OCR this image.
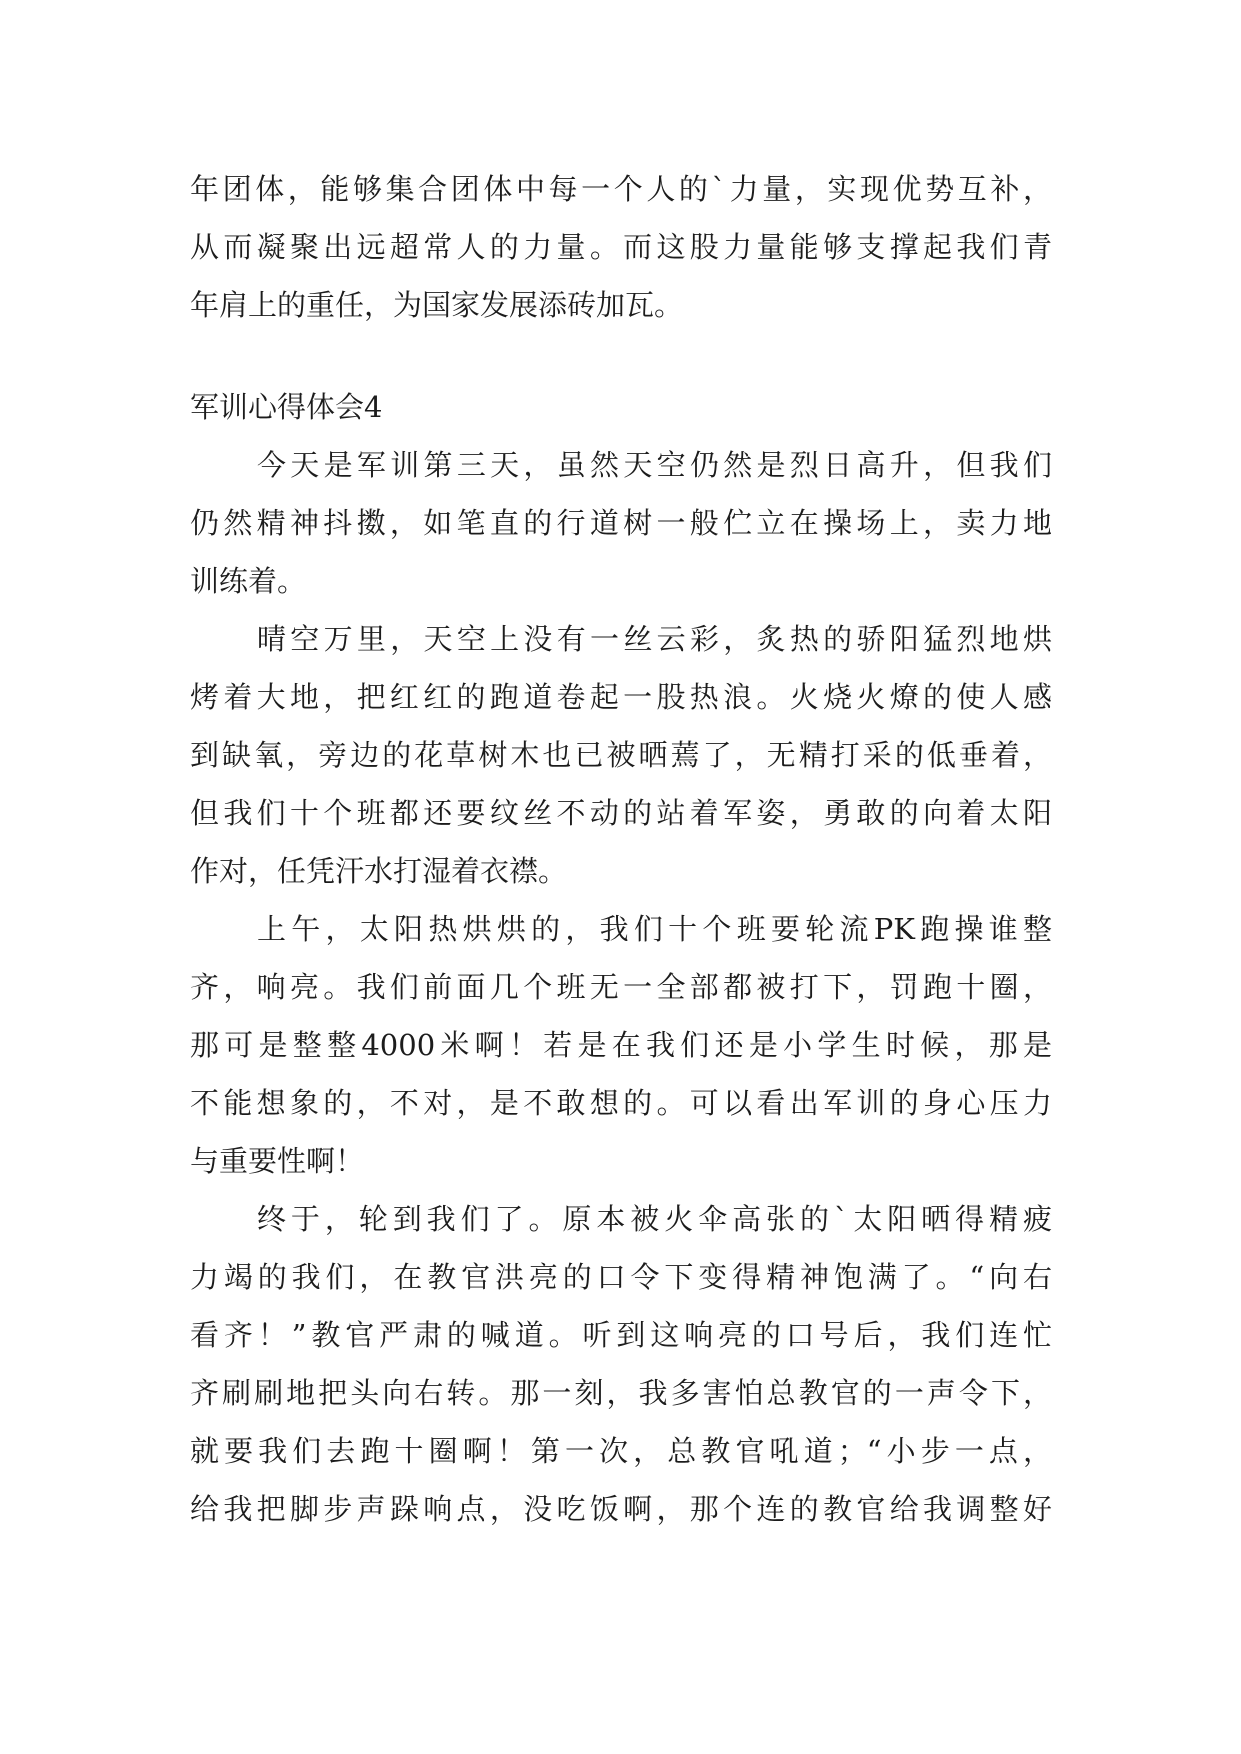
年团体，能够集合团体中每一个人的`力量，实现优势互补，
从而凝聚出远超常人的力量。而这股力量能够支撑起我们青
年肩上的重任，为国家发展添砖加瓦。
军训心得体会4
今天是军训第三天，虽然天空仍然是烈日高升，但我们
仍然精神抖擞，如笔直的行道树一般伫立在操场上，卖力地
训练着。
晴空万里，天空上没有一丝云彩，炙热的骄阳猛烈地烘
烤着大地，把红红的跑道卷起一股热浪。火烧火燎的使人感
到缺氧，旁边的花草树木也已被晒蔫了，无精打采的低垂着，
但我们十个班都还要纹丝不动的站着军姿，勇敢的向着太阳
作对，任凭汗水打湿着衣襟。
上午，太阳热烘烘的，我们十个班要轮流PK跑操谁整
齐，响亮。我们前面几个班无一全部都被打下，罚跑十圈，
那可是整整4000米啊！若是在我们还是小学生时候，那是
不能想象的，不对，是不敢想的。可以看出军训的身心压力
与重要性啊！
终于，轮到我们了。原本被火伞高张的`太阳晒得精疲
力竭的我们，在教官洪亮的口令下变得精神饱满了。“向右
看齐！”教官严肃的喊道。听到这响亮的口号后，我们连忙
齐刷刷地把头向右转。那一刻，我多害怕总教官的一声令下，
就要我们去跑十圈啊！第一次，总教官吼道；“小步一点，
给我把脚步声跺响点，没吃饭啊，那个连的教官给我调整好
